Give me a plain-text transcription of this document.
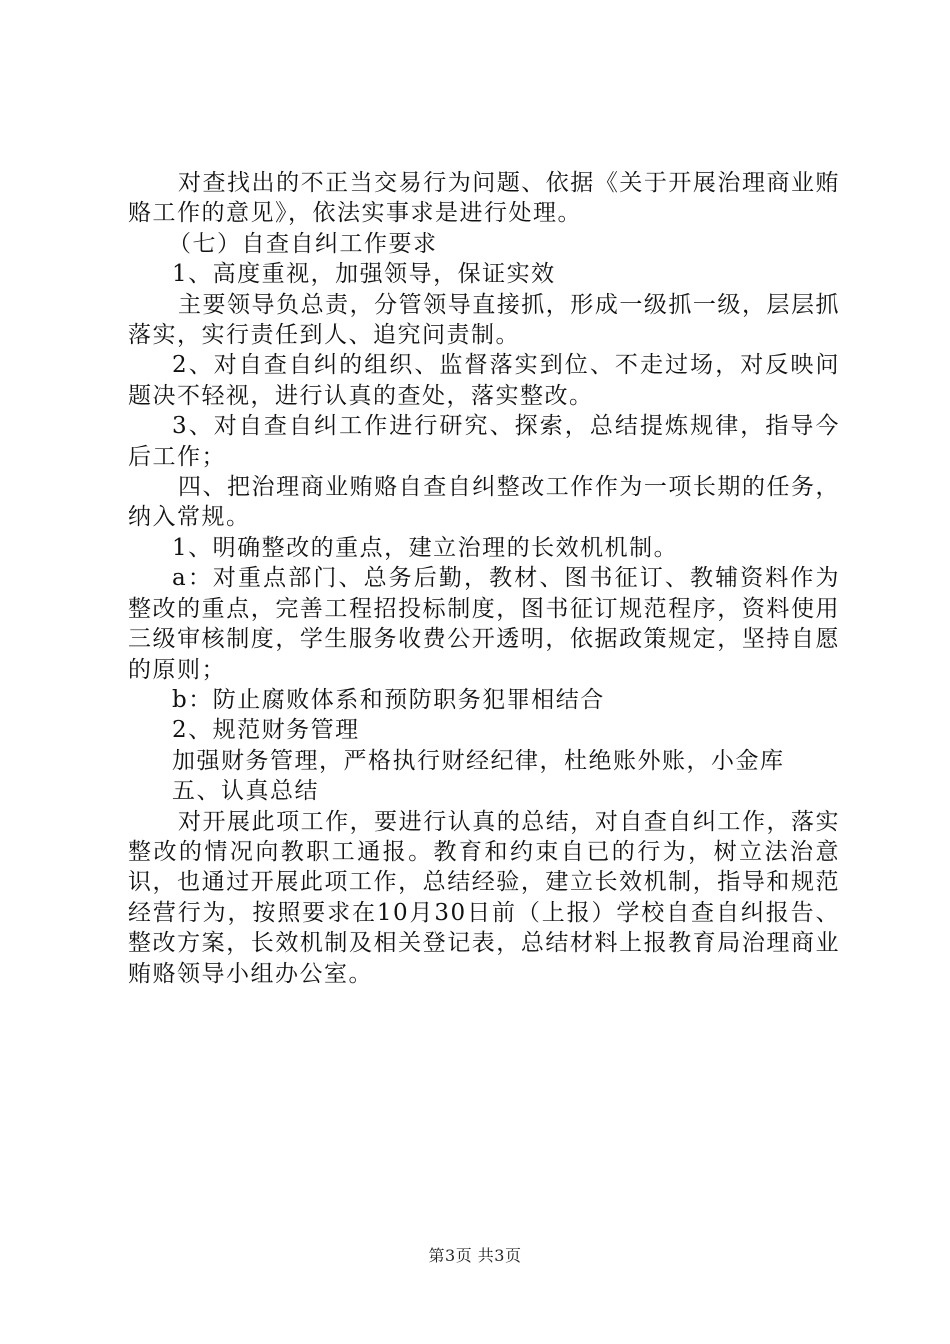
对查找出的不正当交易行为问题、依据《关于开展治理商业贿赂工作的意见》，依法实事求是进行处理。

（七）自查自纠工作要求

1、高度重视，加强领导，保证实效

主要领导负总责，分管领导直接抓，形成一级抓一级，层层抓落实，实行责任到人、追究问责制。

2、对自查自纠的组织、监督落实到位、不走过场，对反映问题决不轻视，进行认真的查处，落实整改。

3、对自查自纠工作进行研究、探索，总结提炼规律，指导今后工作；

四、把治理商业贿赂自查自纠整改工作作为一项长期的任务，纳入常规。

1、明确整改的重点，建立治理的长效机机制。

a：对重点部门、总务后勤，教材、图书征订、教辅资料作为整改的重点，完善工程招投标制度，图书征订规范程序，资料使用三级审核制度，学生服务收费公开透明，依据政策规定，坚持自愿的原则；

b：防止腐败体系和预防职务犯罪相结合

2、规范财务管理

加强财务管理，严格执行财经纪律，杜绝账外账，小金库

五、认真总结

对开展此项工作，要进行认真的总结，对自查自纠工作，落实整改的情况向教职工通报。教育和约束自已的行为，树立法治意识，也通过开展此项工作，总结经验，建立长效机制，指导和规范经营行为，按照要求在10月30日前（上报）学校自查自纠报告、整改方案，长效机制及相关登记表，总结材料上报教育局治理商业贿赂领导小组办公室。

第3页 共3页
